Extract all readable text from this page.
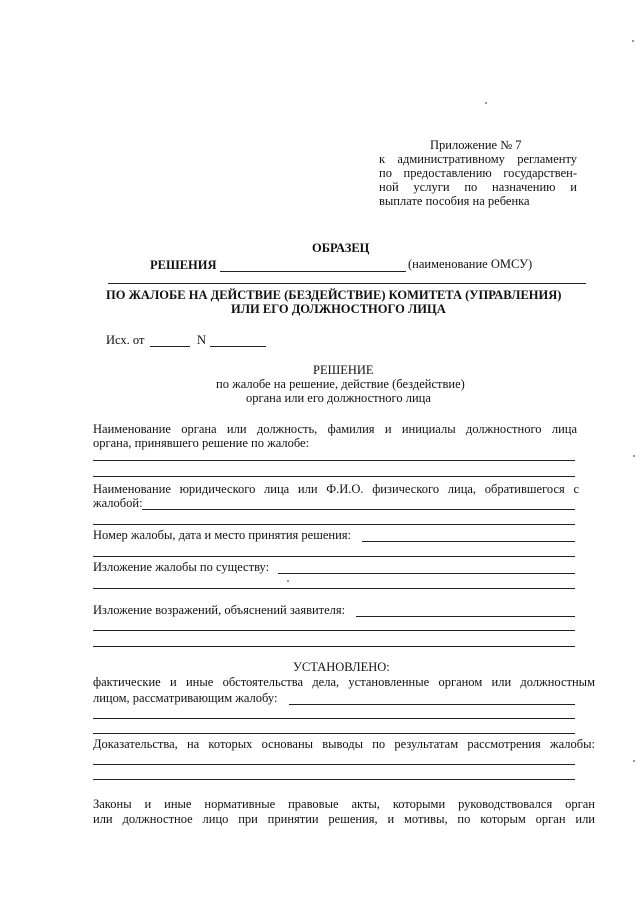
Приложение № 7
к административному регламенту
по предоставлению государствен-
ной услуги по назначению и
выплате пособия на ребенка
ОБРАЗЕЦ
РЕШЕНИЯ	(наименование ОМСУ)
ПО ЖАЛОБЕ НА ДЕЙСТВИЕ (БЕЗДЕЙСТВИЕ) КОМИТЕТА (УПРАВЛЕНИЯ)
ИЛИ ЕГО ДОЛЖНОСТНОГО ЛИЦА
Исх. от	N
РЕШЕНИЕ
по жалобе на решение, действие (бездействие)
органа или его должностного лица
Наименование органа или должность, фамилия и инициалы должностного лица
органа, принявшего решение по жалобе:
Наименование юридического лица или Ф.И.О. физического лица, обратившегося с
жалобой:
Номер жалобы, дата и место принятия решения:
Изложение жалобы по существу:
Изложение возражений, объяснений заявителя:
УСТАНОВЛЕНО:
фактические и иные обстоятельства дела, установленные органом или должностным
лицом, рассматривающим жалобу:
Доказательства, на которых основаны выводы по результатам рассмотрения жалобы:
Законы и иные нормативные правовые акты, которыми руководствовался орган
или должностное лицо при принятии решения, и мотивы, по которым орган или
